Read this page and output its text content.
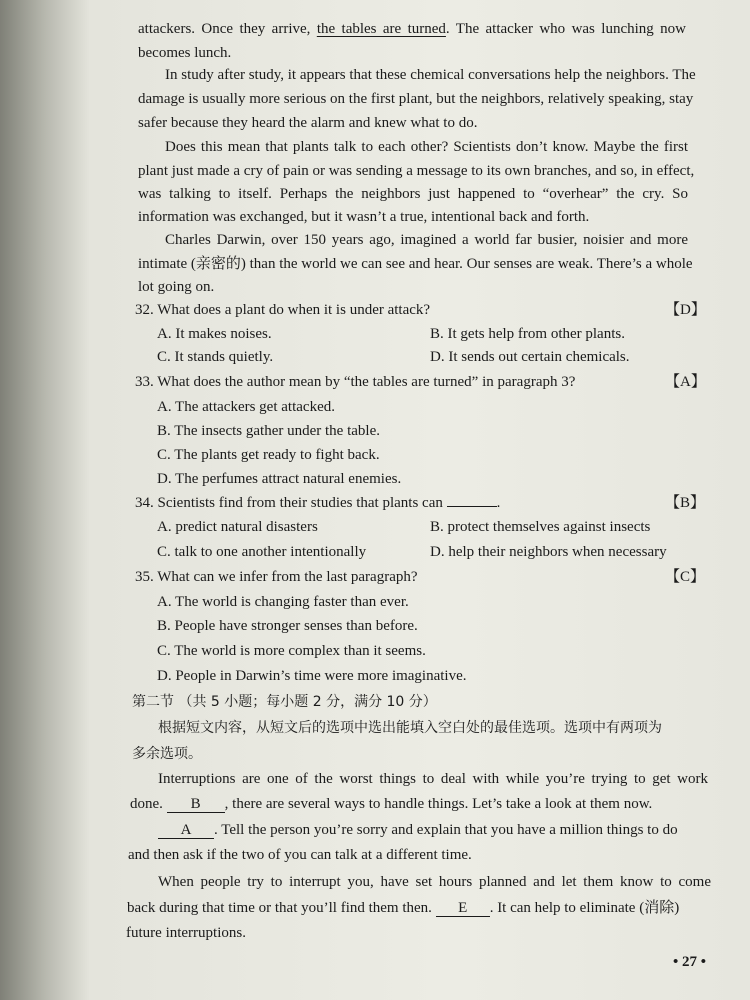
attackers. Once they arrive, the tables are turned. The attacker who was lunching now
becomes lunch.
In study after study, it appears that these chemical conversations help the neighbors. The
damage is usually more serious on the first plant, but the neighbors, relatively speaking, stay
safer because they heard the alarm and knew what to do.
Does this mean that plants talk to each other? Scientists don’t know. Maybe the first
plant just made a cry of pain or was sending a message to its own branches, and so, in effect,
was talking to itself. Perhaps the neighbors just happened to “overhear” the cry. So
information was exchanged, but it wasn’t a true, intentional back and forth.
Charles Darwin, over 150 years ago, imagined a world far busier, noisier and more
intimate (亲密的) than the world we can see and hear. Our senses are weak. There’s a whole
lot going on.
32. What does a plant do when it is under attack?	【D】
A. It makes noises.	B. It gets help from other plants.
C. It stands quietly.	D. It sends out certain chemicals.
33. What does the author mean by “the tables are turned” in paragraph 3?	【A】
A. The attackers get attacked.
B. The insects gather under the table.
C. The plants get ready to fight back.
D. The perfumes attract natural enemies.
34. Scientists find from their studies that plants can	.	【B】
A. predict natural disasters	B. protect themselves against insects
C. talk to one another intentionally	D. help their neighbors when necessary
35. What can we infer from the last paragraph?	【C】
A. The world is changing faster than ever.
B. People have stronger senses than before.
C. The world is more complex than it seems.
D. People in Darwin’s time were more imaginative.
第二节 （共 5 小题；每小题 2 分，满分 10 分）
根据短文内容，从短文后的选项中选出能填入空白处的最佳选项。选项中有两项为
多余选项。
Interruptions are one of the worst things to deal with while you’re trying to get work
done. B , there are several ways to handle things. Let’s take a look at them now.
A . Tell the person you’re sorry and explain that you have a million things to do
and then ask if the two of you can talk at a different time.
When people try to interrupt you, have set hours planned and let them know to come
back during that time or that you’ll find them then. E . It can help to eliminate (消除)
future interruptions.
• 27 •
